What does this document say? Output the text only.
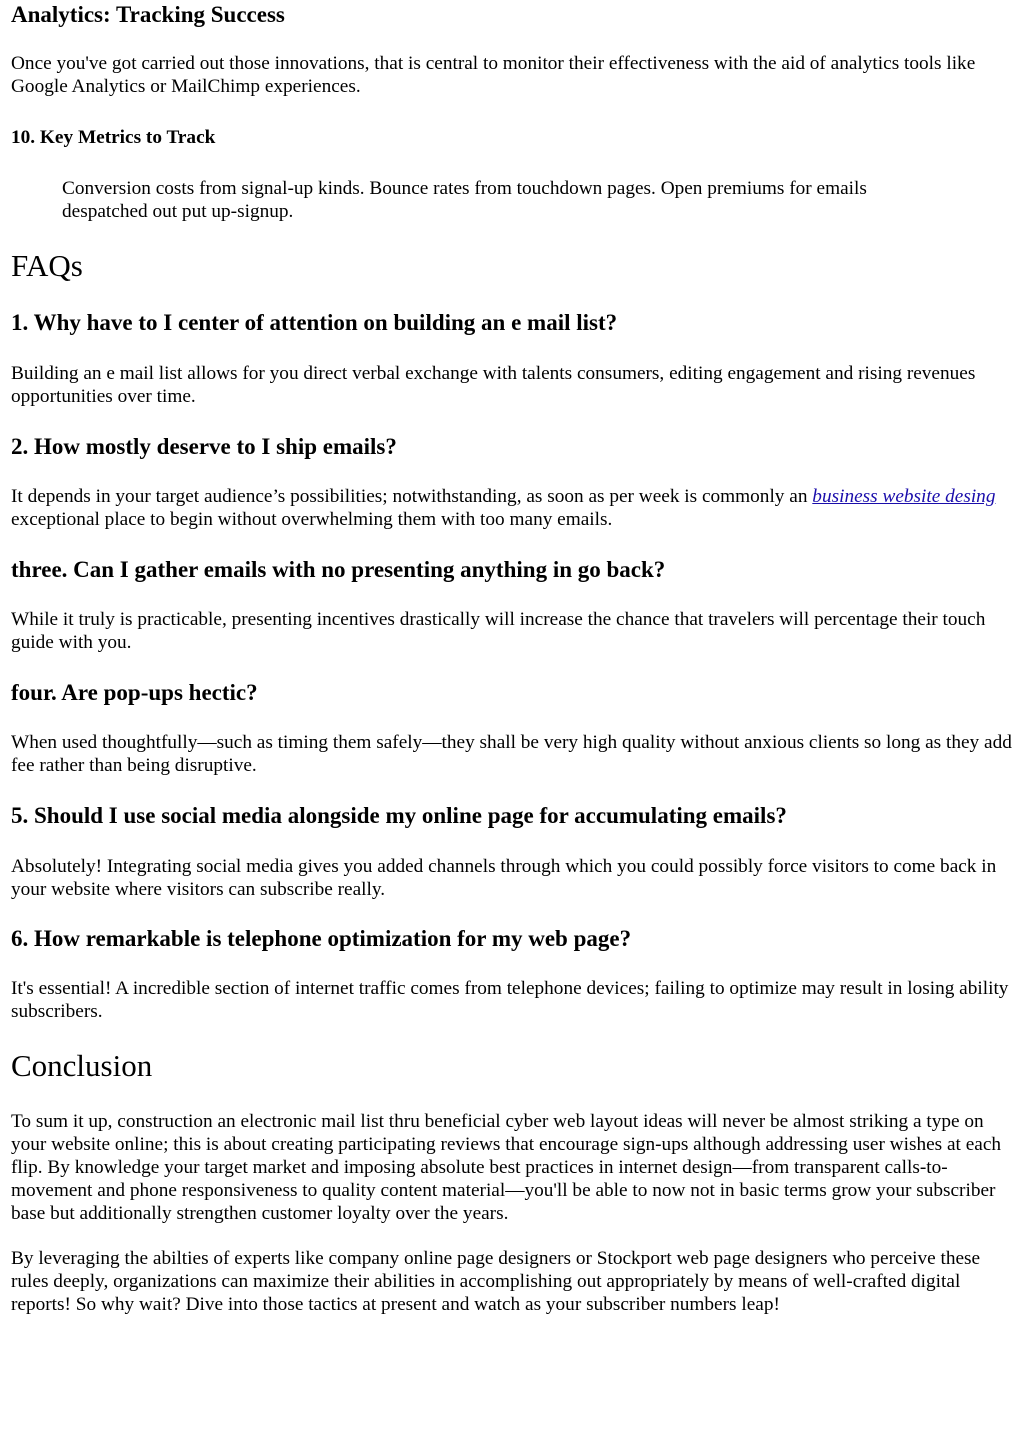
Analytics: Tracking Success

Once you've got carried out those innovations, that is central to monitor their effectiveness with the aid of analytics tools like Google Analytics or MailChimp experiences.

10. Key Metrics to Track
Conversion costs from signal-up kinds. Bounce rates from touchdown pages. Open premiums for emails despatched out put up-signup.
FAQs
1. Why have to I center of attention on building an e mail list?

Building an e mail list allows for you direct verbal exchange with talents consumers, editing engagement and rising revenues opportunities over time.

2. How mostly deserve to I ship emails?

It depends in your target audience’s possibilities; notwithstanding, as soon as per week is commonly an business website desing exceptional place to begin without overwhelming them with too many emails.

three. Can I gather emails with no presenting anything in go back?

While it truly is practicable, presenting incentives drastically will increase the chance that travelers will percentage their touch guide with you.

four. Are pop-ups hectic?

When used thoughtfully—such as timing them safely—they shall be very high quality without anxious clients so long as they add fee rather than being disruptive.

5. Should I use social media alongside my online page for accumulating emails?

Absolutely! Integrating social media gives you added channels through which you could possibly force visitors to come back in your website where visitors can subscribe really.

6. How remarkable is telephone optimization for my web page?

It's essential! A incredible section of internet traffic comes from telephone devices; failing to optimize may result in losing ability subscribers.

Conclusion

To sum it up, construction an electronic mail list thru beneficial cyber web layout ideas will never be almost striking a type on your website online; this is about creating participating reviews that encourage sign-ups although addressing user wishes at each flip. By knowledge your target market and imposing absolute best practices in internet design—from transparent calls-to-movement and phone responsiveness to quality content material—you'll be able to now not in basic terms grow your subscriber base but additionally strengthen customer loyalty over the years.

By leveraging the abilties of experts like company online page designers or Stockport web page designers who perceive these rules deeply, organizations can maximize their abilities in accomplishing out appropriately by means of well-crafted digital reports! So why wait? Dive into those tactics at present and watch as your subscriber numbers leap!
